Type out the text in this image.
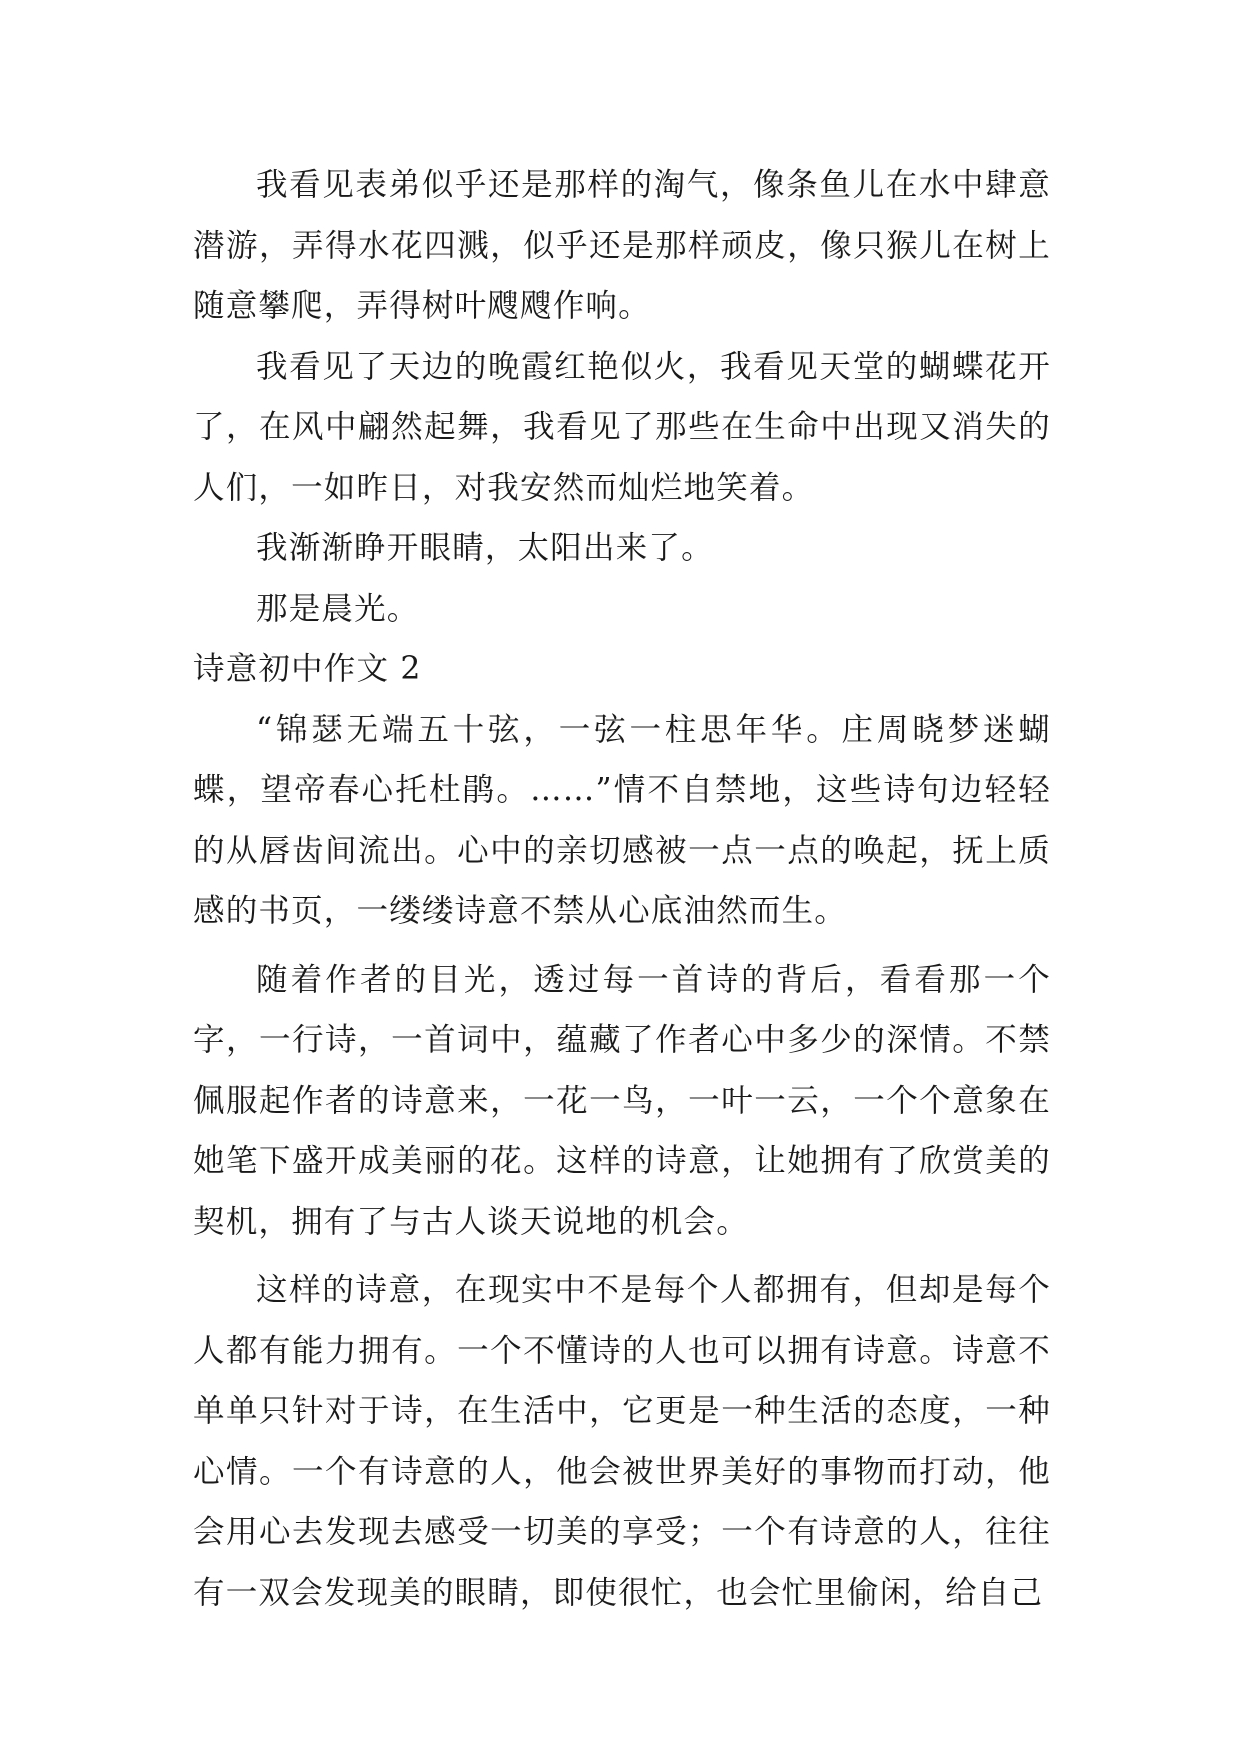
我看见表弟似乎还是那样的淘气，像条鱼儿在水中肆意潜游，弄得水花四溅，似乎还是那样顽皮，像只猴儿在树上随意攀爬，弄得树叶飕飕作响。

我看见了天边的晚霞红艳似火，我看见天堂的蝴蝶花开了，在风中翩然起舞，我看见了那些在生命中出现又消失的人们，一如昨日，对我安然而灿烂地笑着。

我渐渐睁开眼睛，太阳出来了。

那是晨光。

诗意初中作文 2

“锦瑟无端五十弦，一弦一柱思年华。庄周晓梦迷蝴蝶，望帝春心托杜鹃。……”情不自禁地，这些诗句边轻轻的从唇齿间流出。心中的亲切感被一点一点的唤起，抚上质感的书页，一缕缕诗意不禁从心底油然而生。

随着作者的目光，透过每一首诗的背后，看看那一个字，一行诗，一首词中，蕴藏了作者心中多少的深情。不禁佩服起作者的诗意来，一花一鸟，一叶一云，一个个意象在她笔下盛开成美丽的花。这样的诗意，让她拥有了欣赏美的契机，拥有了与古人谈天说地的机会。

这样的诗意，在现实中不是每个人都拥有，但却是每个人都有能力拥有。一个不懂诗的人也可以拥有诗意。诗意不单单只针对于诗，在生活中，它更是一种生活的态度，一种心情。一个有诗意的人，他会被世界美好的事物而打动，他会用心去发现去感受一切美的享受；一个有诗意的人，往往有一双会发现美的眼睛，即使很忙，也会忙里偷闲，给自己
